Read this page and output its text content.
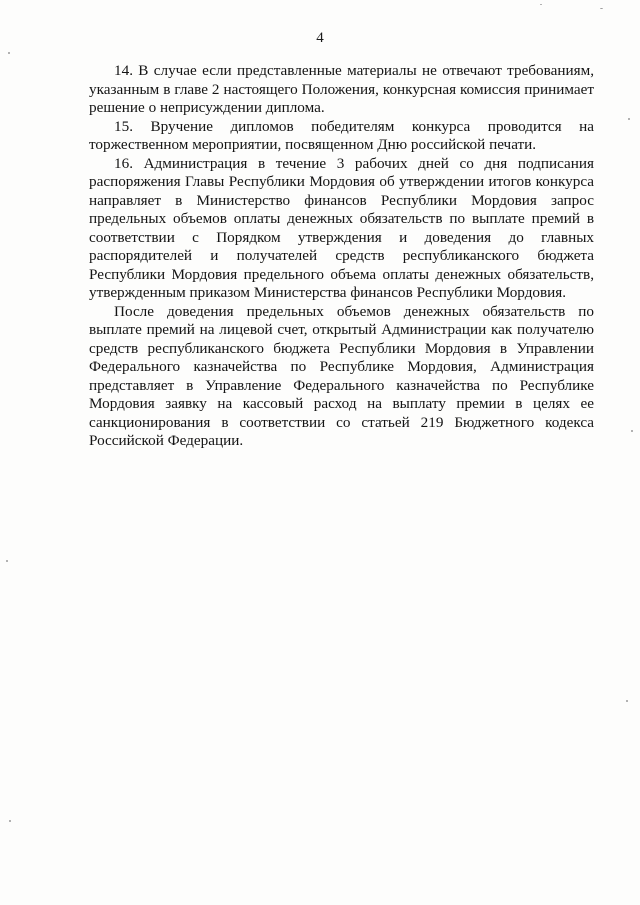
4

14. В случае если представленные материалы не отвечают требованиям, указанным в главе 2 настоящего Положения, конкурсная комиссия принимает решение о неприсуждении диплома.

15. Вручение дипломов победителям конкурса проводится на торжественном мероприятии, посвященном Дню российской печати.

16. Администрация в течение 3 рабочих дней со дня подписания распоряжения Главы Республики Мордовия об утверждении итогов конкурса направляет в Министерство финансов Республики Мордовия запрос предельных объемов оплаты денежных обязательств по выплате премий в соответствии с Порядком утверждения и доведения до главных распорядителей и получателей средств республиканского бюджета Республики Мордовия предельного объема оплаты денежных обязательств, утвержденным приказом Министерства финансов Республики Мордовия.

После доведения предельных объемов денежных обязательств по выплате премий на лицевой счет, открытый Администрации как получателю средств республиканского бюджета Республики Мордовия в Управлении Федерального казначейства по Республике Мордовия, Администрация представляет в Управление Федерального казначейства по Республике Мордовия заявку на кассовый расход на выплату премии в целях ее санкционирования в соответствии со статьей 219 Бюджетного кодекса Российской Федерации.
